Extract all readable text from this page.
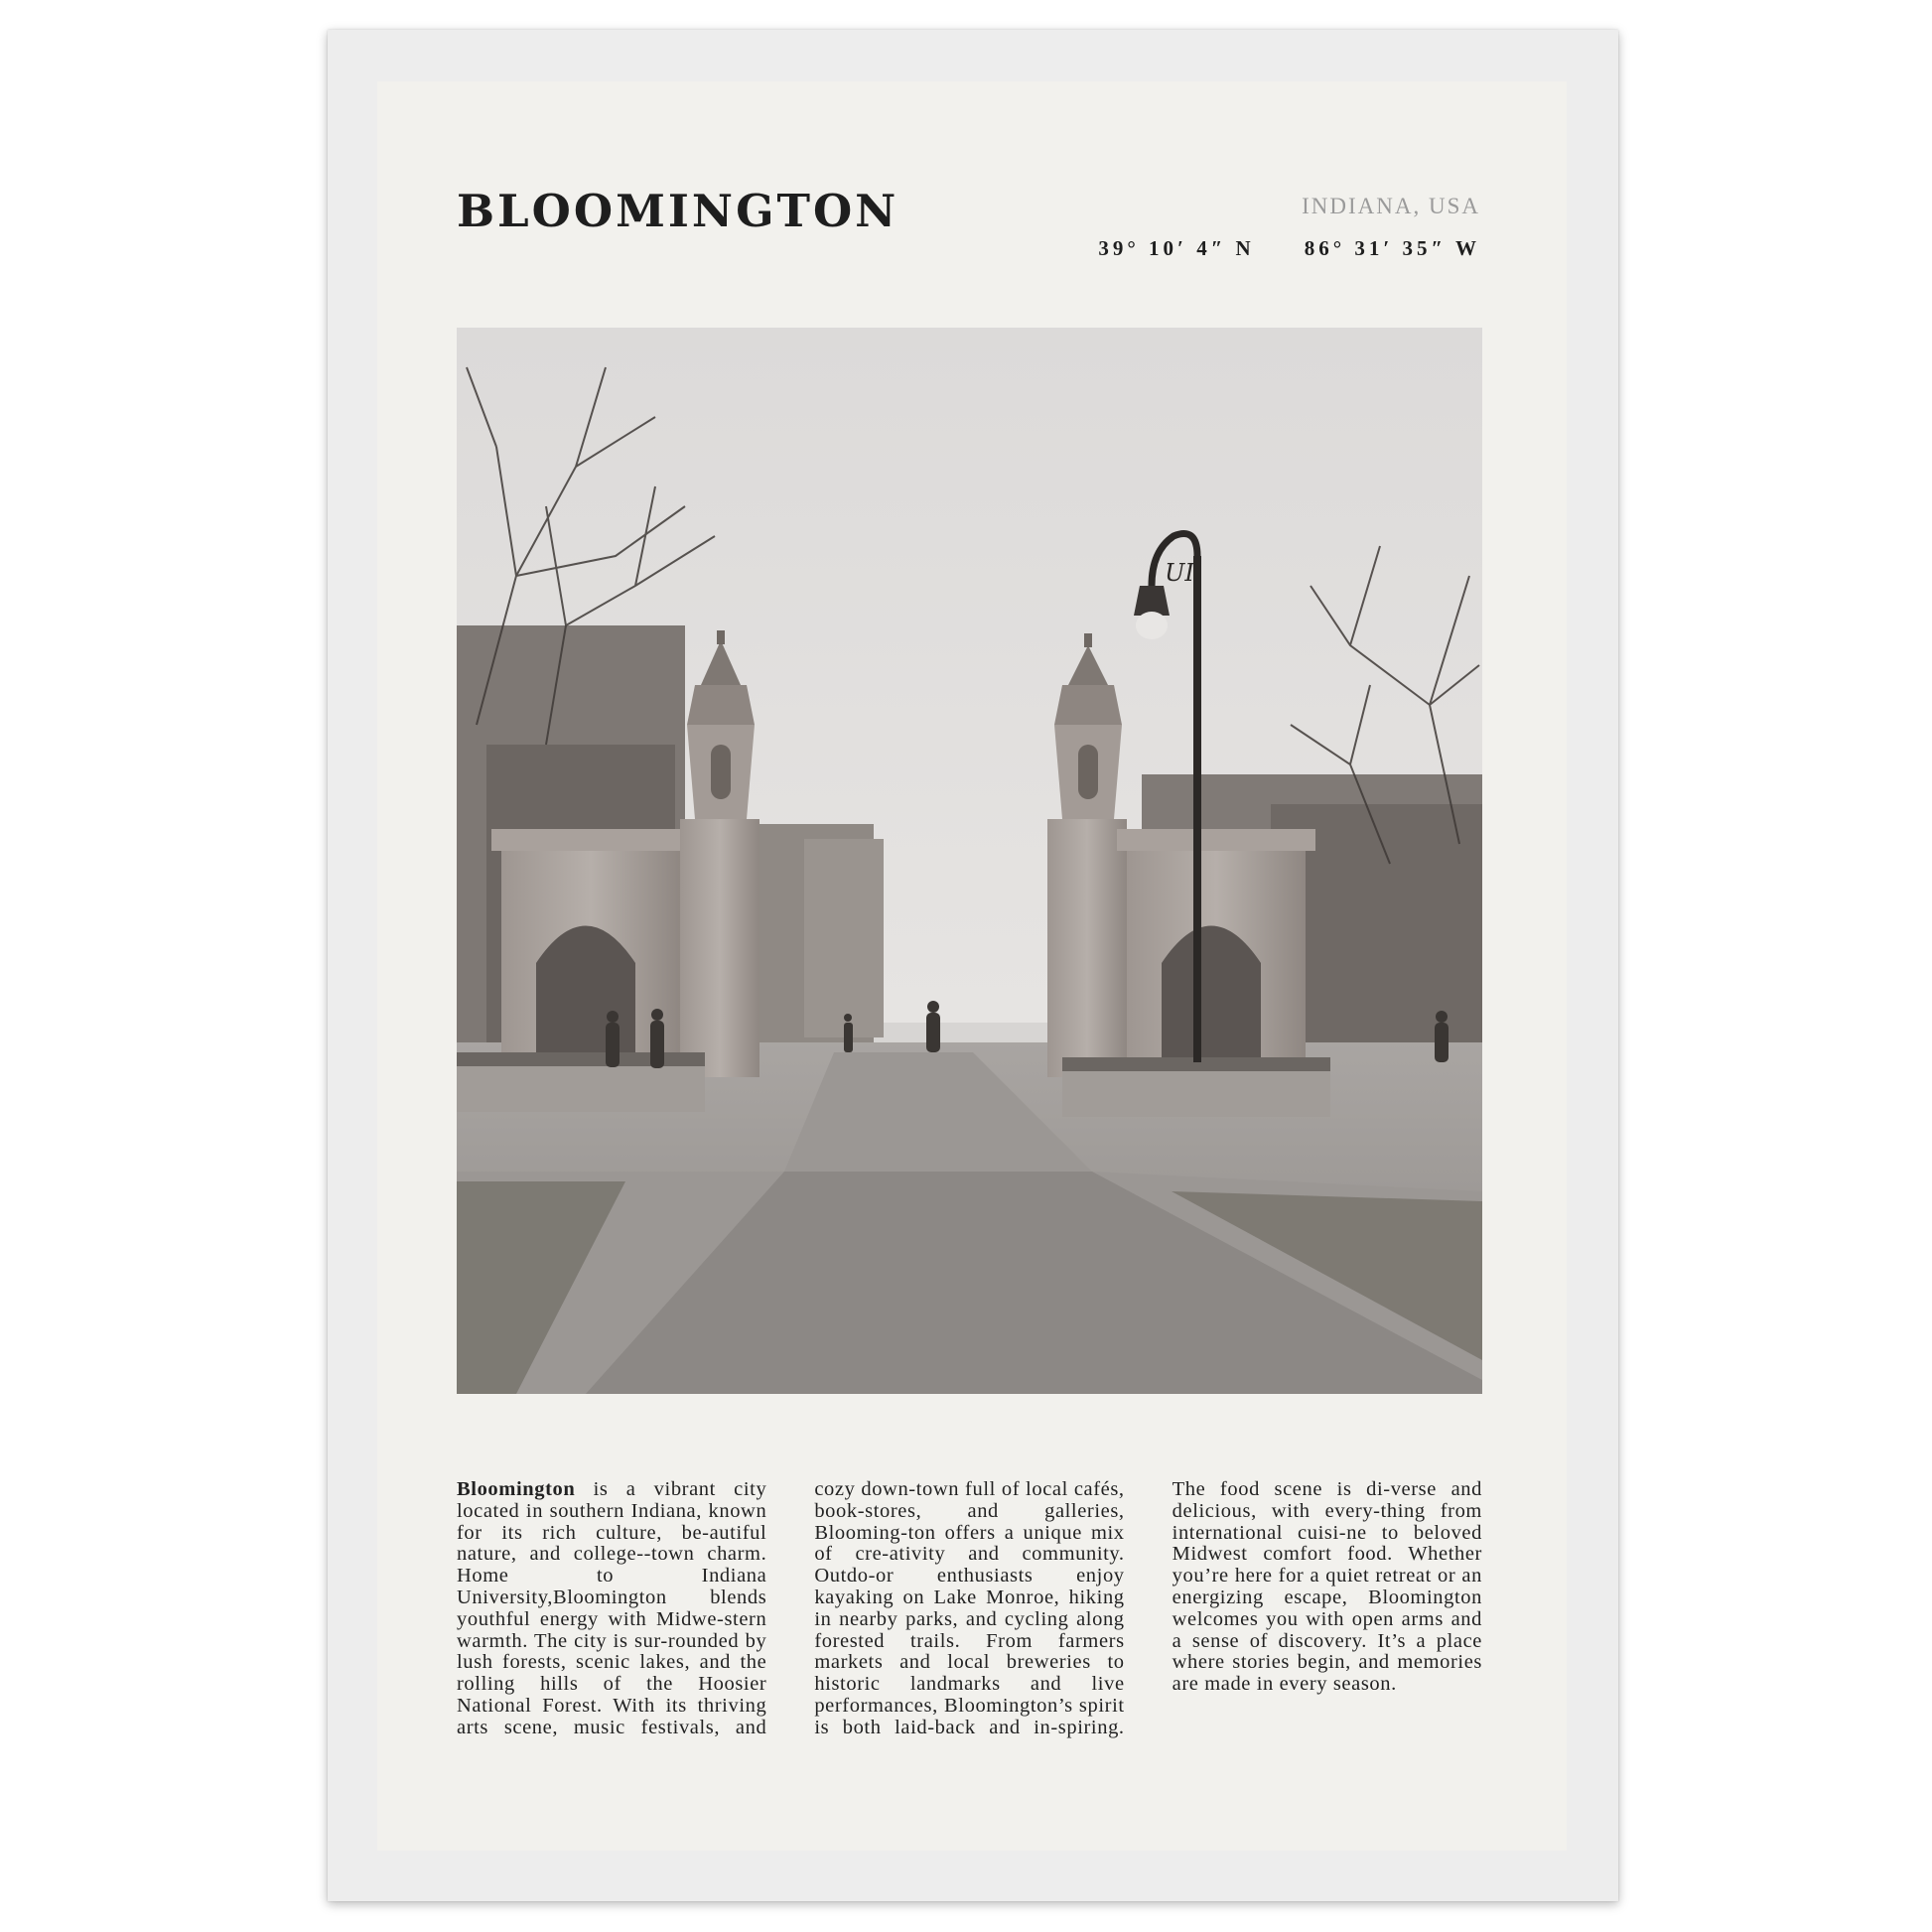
BLOOMINGTON	INDIANA, USA
39° 10′ 4″ N 86° 31′ 35″ W
UI
Bloomington is a vibrant city located in southern Indiana, known for its rich culture, be-autiful nature, and college--town charm. Home to Indiana University,Bloomington blends youthful energy with Midwe-stern warmth. The city is sur-rounded by lush forests, scenic lakes, and the rolling hills of the Hoosier National Forest. With its thriving arts scene, music festivals, and cozy down-town full of local cafés, book-stores, and galleries, Blooming-ton offers a unique mix of cre-ativity and community. Outdo-or enthusiasts enjoy kayaking on Lake Monroe, hiking in nearby parks, and cycling along forested trails. From farmers markets and local breweries to historic landmarks and live performances, Bloomington’s spirit is both laid-back and in-spiring. The food scene is di-verse and delicious, with every-thing from international cuisi-ne to beloved Midwest comfort food. Whether you’re here for a quiet retreat or an energizing escape, Bloomington welcomes you with open arms and a sense of discovery. It’s a place where stories begin, and memories are made in every season.
